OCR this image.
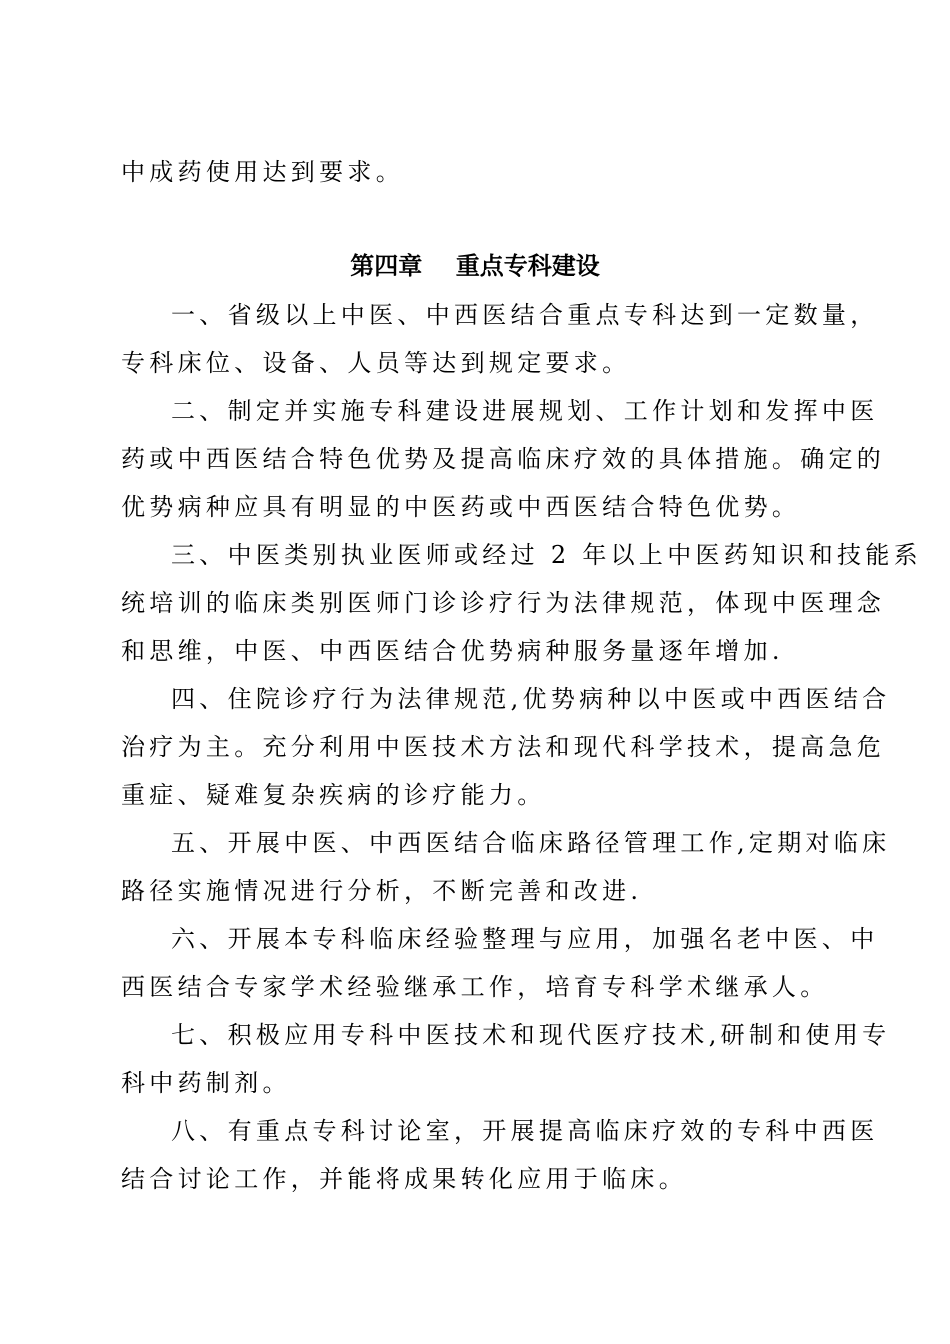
中成药使用达到要求。
第四章    重点专科建设
一、省级以上中医、中西医结合重点专科达到一定数量，
专科床位、设备、人员等达到规定要求。
二、制定并实施专科建设进展规划、工作计划和发挥中医
药或中西医结合特色优势及提高临床疗效的具体措施。确定的
优势病种应具有明显的中医药或中西医结合特色优势。
三、中医类别执业医师或经过 2 年以上中医药知识和技能系
统培训的临床类别医师门诊诊疗行为法律规范，体现中医理念
和思维，中医、中西医结合优势病种服务量逐年增加.
四、住院诊疗行为法律规范,优势病种以中医或中西医结合
治疗为主。充分利用中医技术方法和现代科学技术，提高急危
重症、疑难复杂疾病的诊疗能力。
五、开展中医、中西医结合临床路径管理工作,定期对临床
路径实施情况进行分析，不断完善和改进.
六、开展本专科临床经验整理与应用，加强名老中医、中
西医结合专家学术经验继承工作，培育专科学术继承人。
七、积极应用专科中医技术和现代医疗技术,研制和使用专
科中药制剂。
八、有重点专科讨论室，开展提高临床疗效的专科中西医
结合讨论工作，并能将成果转化应用于临床。
